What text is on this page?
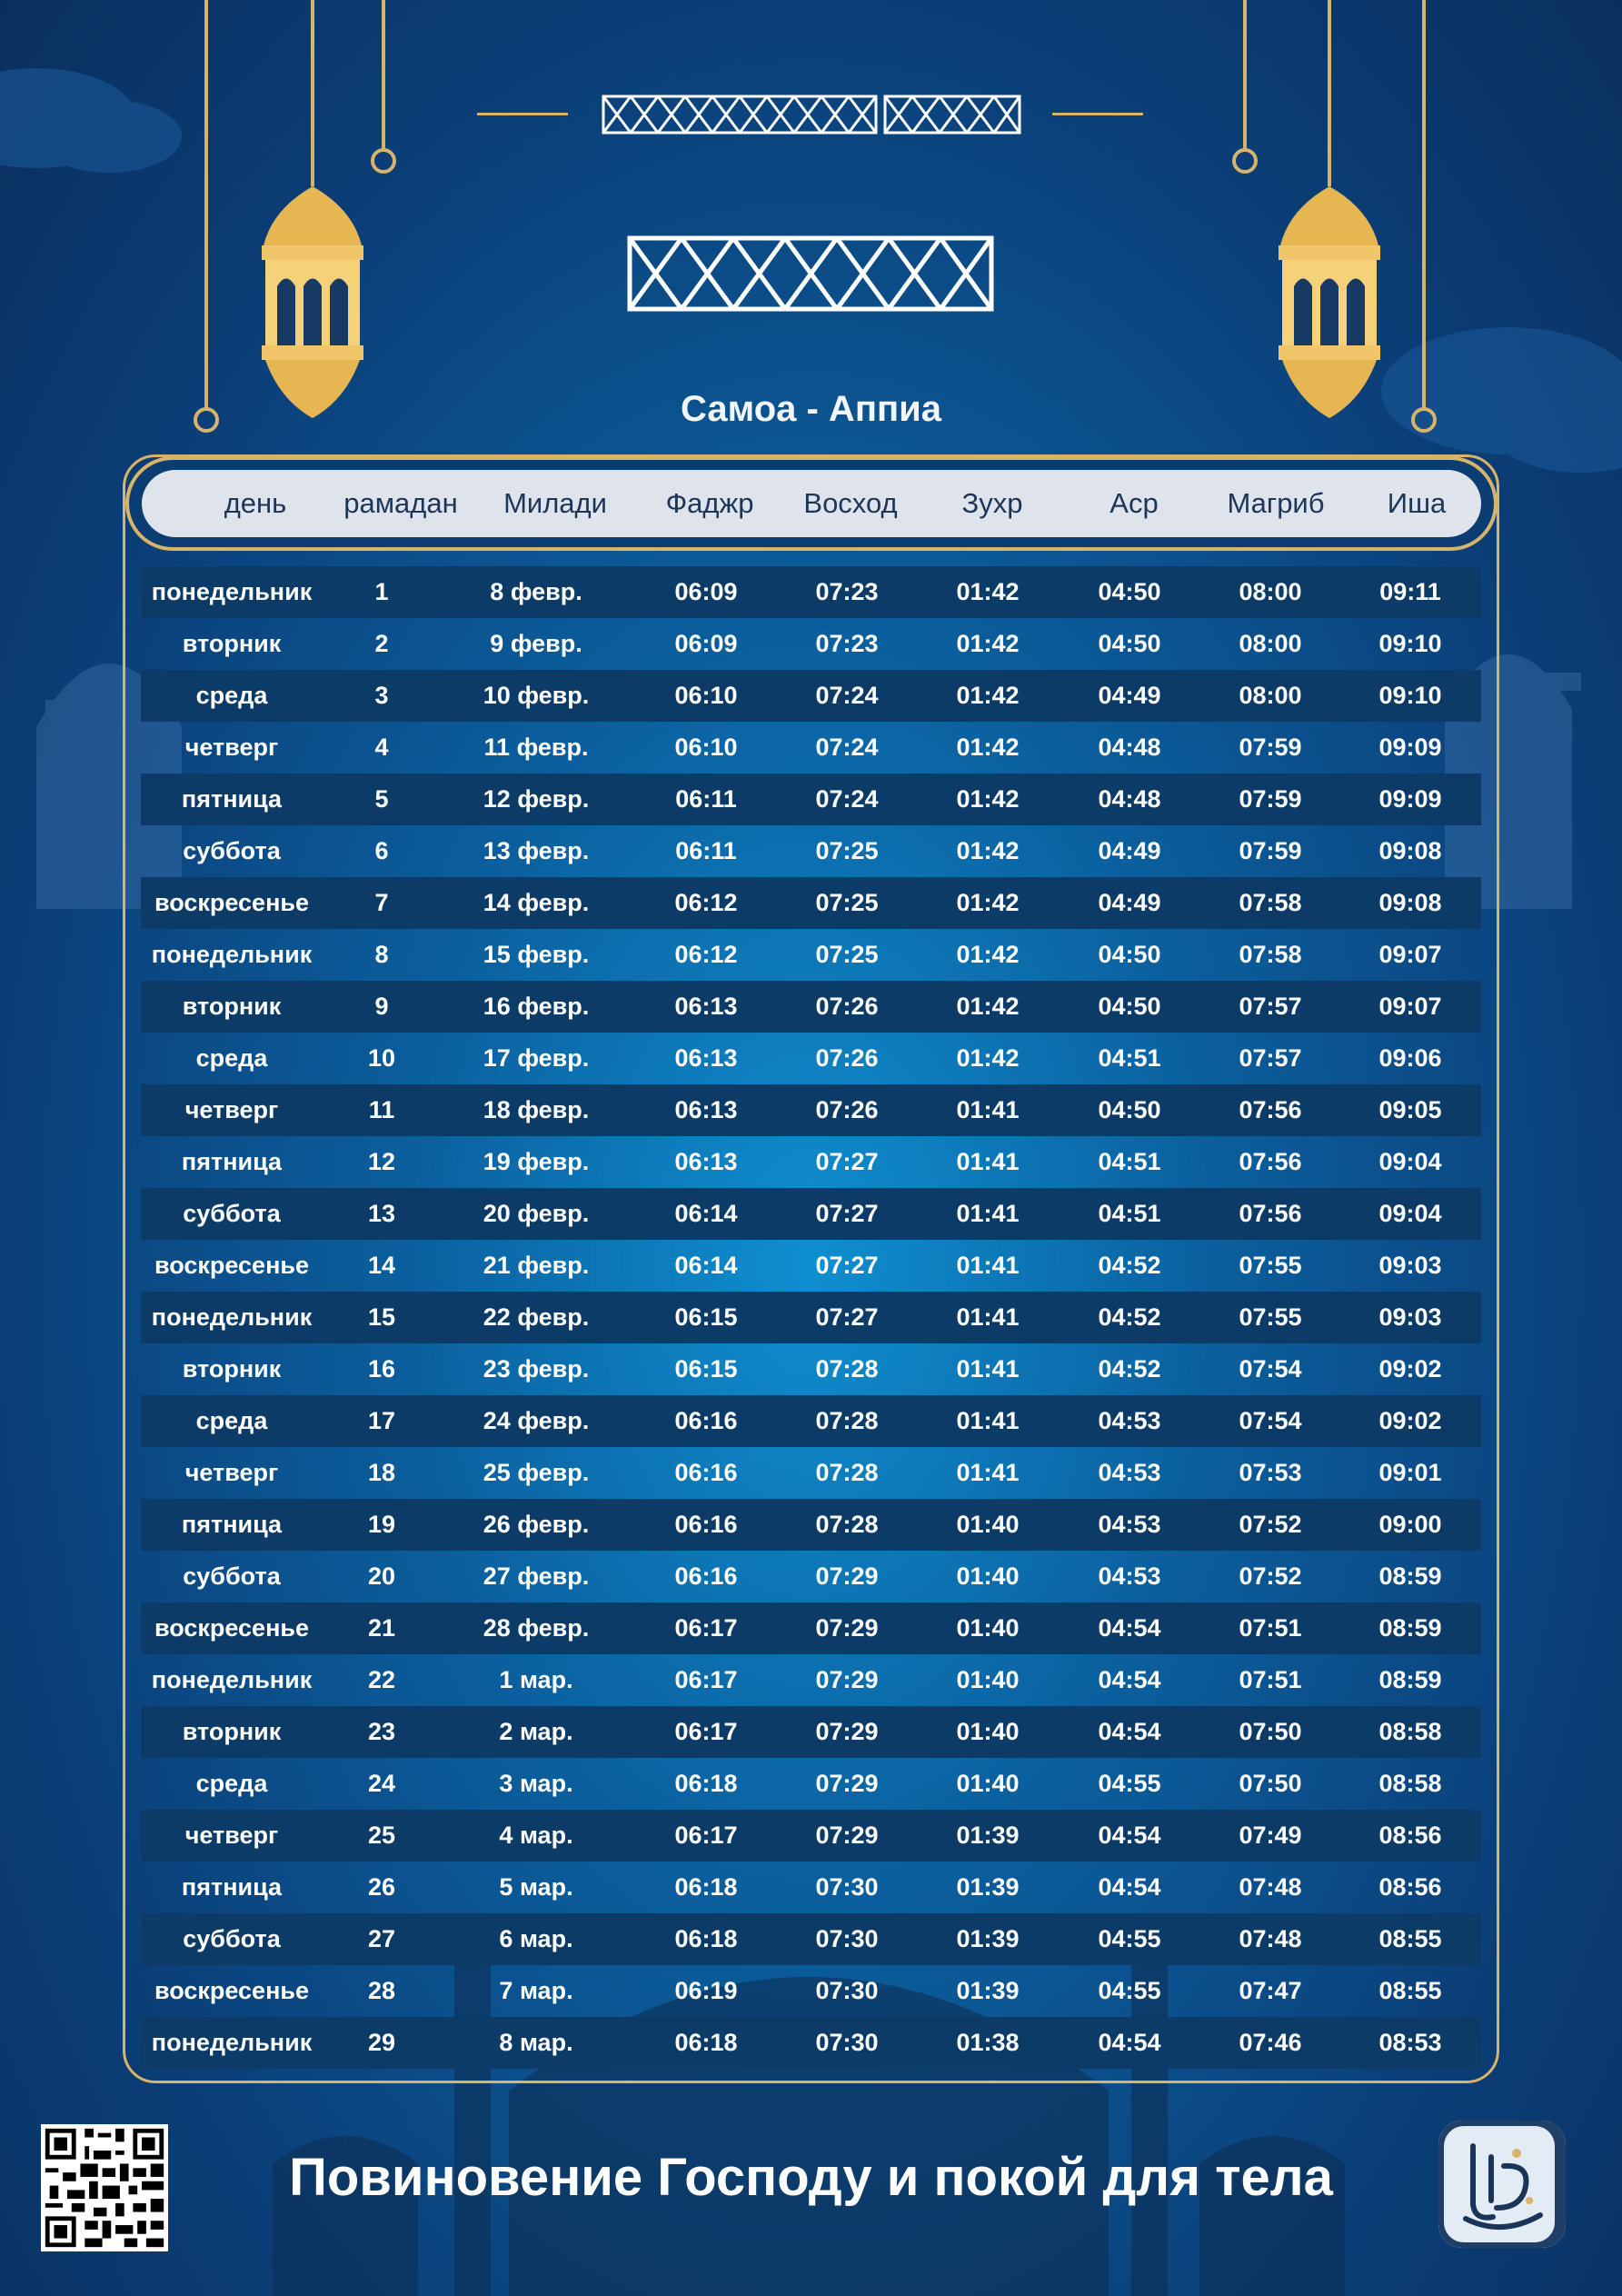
Самоа - Аппиа
день	рамадан	Милади	Фаджр	Восход	Зухр	Аср	Магриб	Иша
понедельник	1	8 февр.	06:09	07:23	01:42	04:50	08:00	09:11
вторник	2	9 февр.	06:09	07:23	01:42	04:50	08:00	09:10
среда	3	10 февр.	06:10	07:24	01:42	04:49	08:00	09:10
четверг	4	11 февр.	06:10	07:24	01:42	04:48	07:59	09:09
пятница	5	12 февр.	06:11	07:24	01:42	04:48	07:59	09:09
суббота	6	13 февр.	06:11	07:25	01:42	04:49	07:59	09:08
воскресенье	7	14 февр.	06:12	07:25	01:42	04:49	07:58	09:08
понедельник	8	15 февр.	06:12	07:25	01:42	04:50	07:58	09:07
вторник	9	16 февр.	06:13	07:26	01:42	04:50	07:57	09:07
среда	10	17 февр.	06:13	07:26	01:42	04:51	07:57	09:06
четверг	11	18 февр.	06:13	07:26	01:41	04:50	07:56	09:05
пятница	12	19 февр.	06:13	07:27	01:41	04:51	07:56	09:04
суббота	13	20 февр.	06:14	07:27	01:41	04:51	07:56	09:04
воскресенье	14	21 февр.	06:14	07:27	01:41	04:52	07:55	09:03
понедельник	15	22 февр.	06:15	07:27	01:41	04:52	07:55	09:03
вторник	16	23 февр.	06:15	07:28	01:41	04:52	07:54	09:02
среда	17	24 февр.	06:16	07:28	01:41	04:53	07:54	09:02
четверг	18	25 февр.	06:16	07:28	01:41	04:53	07:53	09:01
пятница	19	26 февр.	06:16	07:28	01:40	04:53	07:52	09:00
суббота	20	27 февр.	06:16	07:29	01:40	04:53	07:52	08:59
воскресенье	21	28 февр.	06:17	07:29	01:40	04:54	07:51	08:59
понедельник	22	1 мар.	06:17	07:29	01:40	04:54	07:51	08:59
вторник	23	2 мар.	06:17	07:29	01:40	04:54	07:50	08:58
среда	24	3 мар.	06:18	07:29	01:40	04:55	07:50	08:58
четверг	25	4 мар.	06:17	07:29	01:39	04:54	07:49	08:56
пятница	26	5 мар.	06:18	07:30	01:39	04:54	07:48	08:56
суббота	27	6 мар.	06:18	07:30	01:39	04:55	07:48	08:55
воскресенье	28	7 мар.	06:19	07:30	01:39	04:55	07:47	08:55
понедельник	29	8 мар.	06:18	07:30	01:38	04:54	07:46	08:53
Повиновение Господу и покой для тела
